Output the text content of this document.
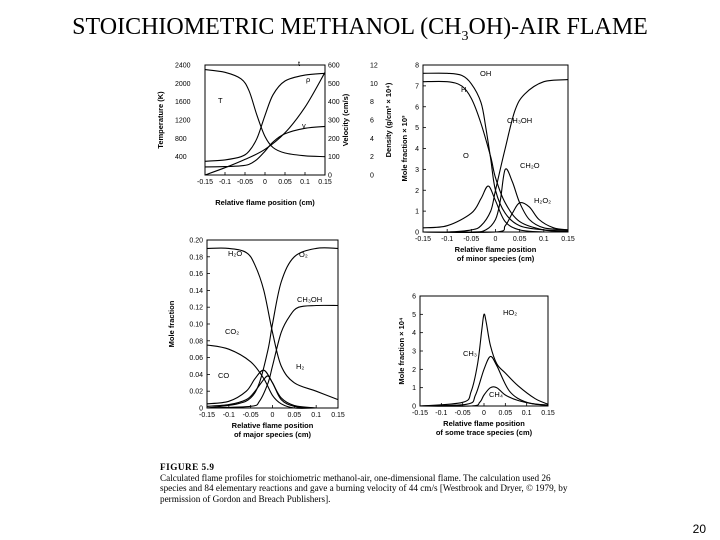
STOICHIOMETRIC METHANOL $(CH_3OH)$-AIR FLAME
-0.15 -0.1 -0.05 0 0.05 0.1 0.15
Relative flame position (cm)
400
800
1200
1600
2000
2400
Temperature (K)
0
100
200
300
400
500
600
Velocity (cm/s)
0
2
4
6
8
10
12
Density (g/cm³ × 10⁴)
T
ρ
v
t
-0.15 -0.1 -0.05 0 0.05 0.1 0.15
Relative flame position of minor species (cm)
0
1
2
3
4
5
6
7
8
Mole fraction × 10³
OH
H
CH₃OH
O
CH₂O
H₂O₂
-0.15 -0.1 -0.05 0 0.05 0.1 0.15
Relative flame position of major species (cm)
0
0.02
0.04
0.06
0.08
0.10
0.12
0.14
0.16
0.18
0.20
Mole fraction
H₂O	O₂
CH₃OH
CO₂
CO
H₂
-0.15 -0.1 -0.05 0 0.05 0.1 0.15
Relative flame position of some trace species (cm)
0
1
2
3
4
5
6
Mole fraction × 10⁴
HO₂
CH₃
CH₄
FIGURE 5.9
Calculated flame profiles for stoichiometric methanol-air, one-dimensional flame. The calculation used 26 species and 84 elementary reactions and gave a burning velocity of 44 cm/s [Westbrook and Dryer, © 1979, by permission of Gordon and Breach Publishers].
20
